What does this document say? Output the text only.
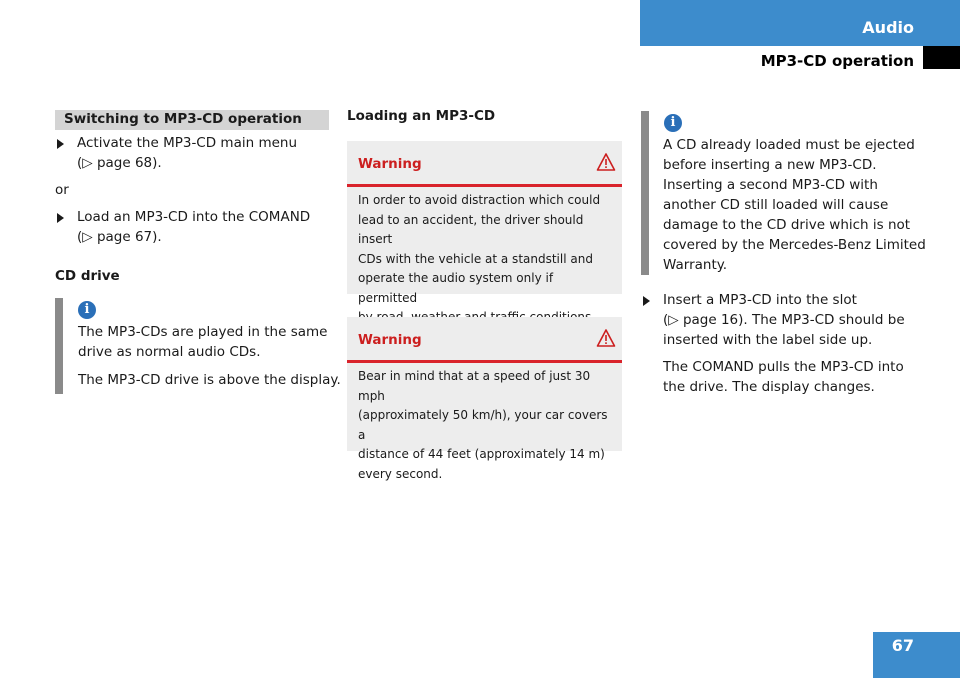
Audio
MP3-CD operation
Switching to MP3-CD operation
Activate the MP3-CD main menu
(▷ page 68).
or
Load an MP3-CD into the COMAND
(▷ page 67).
CD drive
i
The MP3-CDs are played in the same
drive as normal audio CDs.
The MP3-CD drive is above the display.
Loading an MP3-CD
Warning
In order to avoid distraction which could
lead to an accident, the driver should insert
CDs with the vehicle at a standstill and
operate the audio system only if permitted
Warning
Bear in mind that at a speed of just 30 mph
(approximately 50 km/h), your car covers a
distance of 44 feet (approximately 14 m)
every second.
i
A CD already loaded must be ejected
before inserting a new MP3-CD.
Inserting a second MP3-CD with
another CD still loaded will cause
damage to the CD drive which is not
covered by the Mercedes-Benz Limited
Warranty.
Insert a MP3-CD into the slot
(▷ page 16). The MP3-CD should be
inserted with the label side up.
The COMAND pulls the MP3-CD into
the drive. The display changes.
67
